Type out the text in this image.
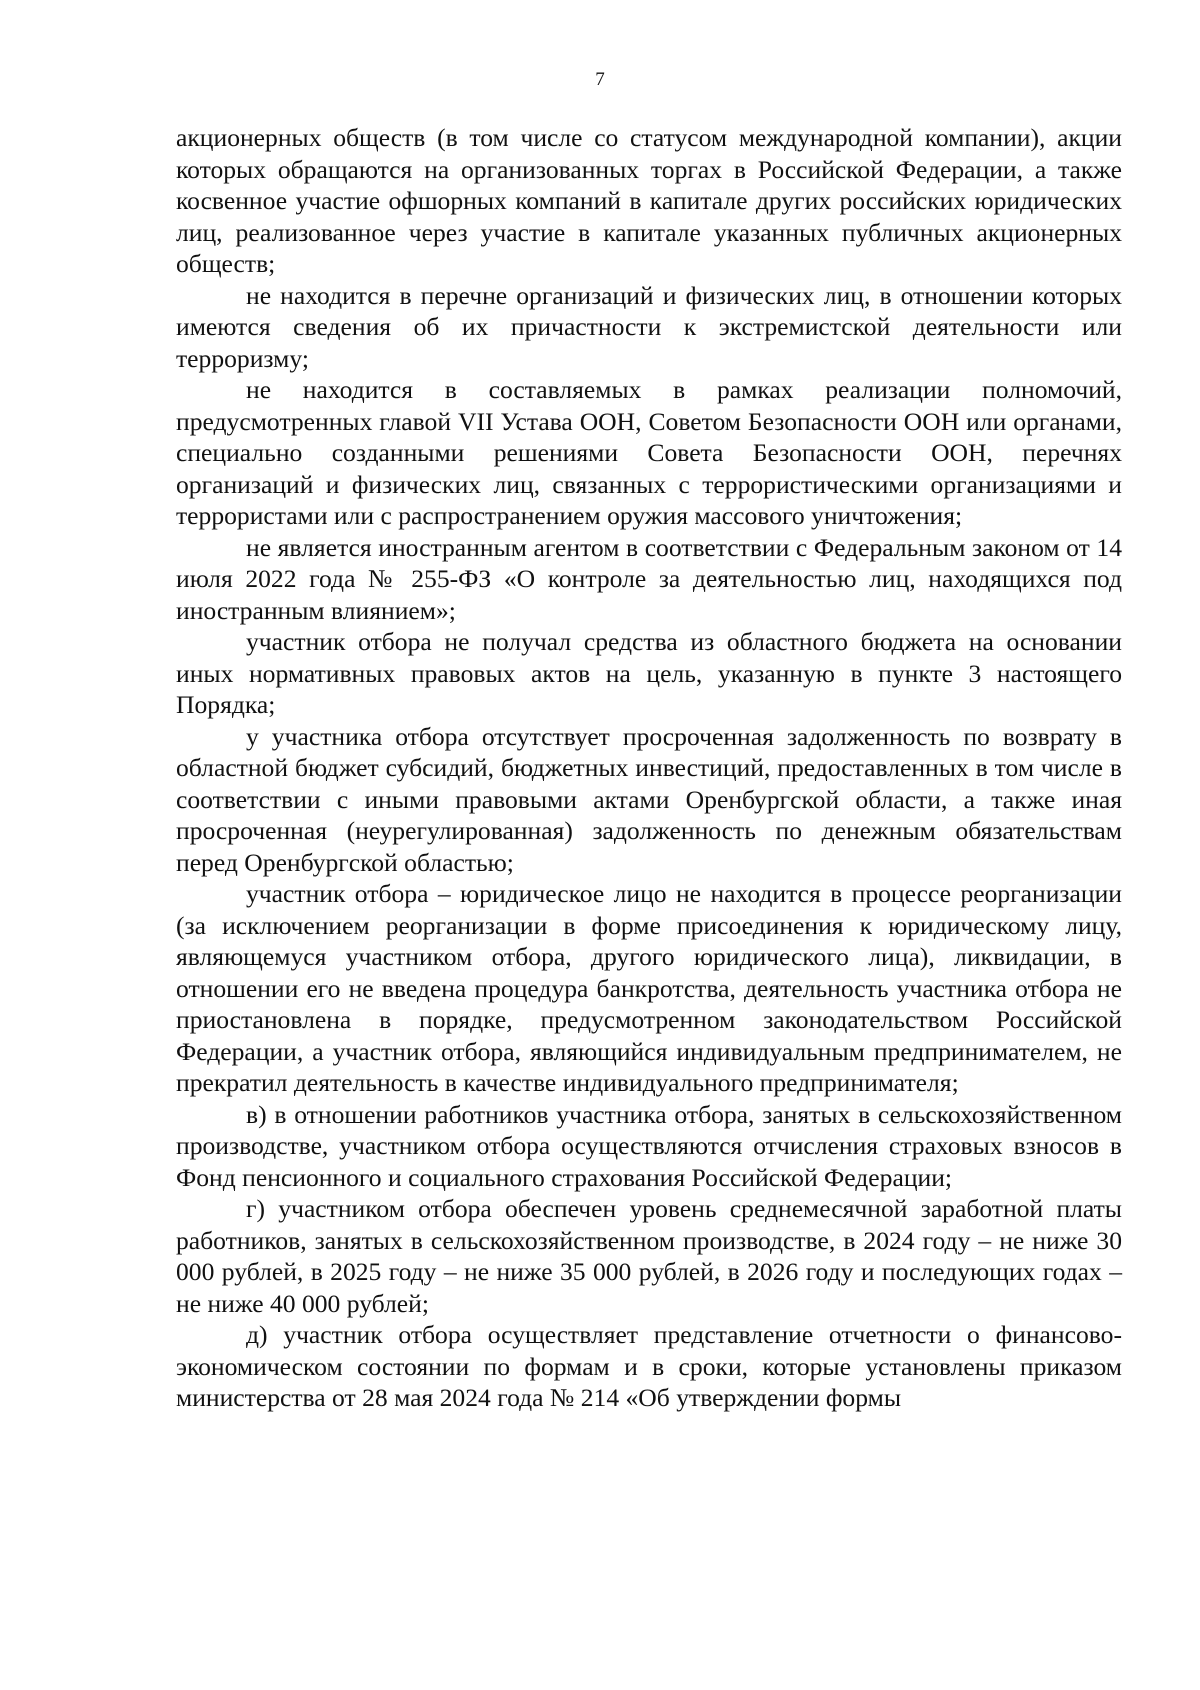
7

акционерных обществ (в том числе со статусом международной компании), акции которых обращаются на организованных торгах в Российской Федерации, а также косвенное участие офшорных компаний в капитале других российских юридических лиц, реализованное через участие в капитале указанных публичных акционерных обществ;

не находится в перечне организаций и физических лиц, в отношении которых имеются сведения об их причастности к экстремистской деятельности или терроризму;

не находится в составляемых в рамках реализации полномочий, предусмотренных главой VII Устава ООН, Советом Безопасности ООН или органами, специально созданными решениями Совета Безопасности ООН, перечнях организаций и физических лиц, связанных с террористическими организациями и террористами или с распространением оружия массового уничтожения;

не является иностранным агентом в соответствии с Федеральным законом от 14 июля 2022 года № 255-ФЗ «О контроле за деятельностью лиц, находящихся под иностранным влиянием»;

участник отбора не получал средства из областного бюджета на основании иных нормативных правовых актов на цель, указанную в пункте 3 настоящего Порядка;

у участника отбора отсутствует просроченная задолженность по возврату в областной бюджет субсидий, бюджетных инвестиций, предоставленных в том числе в соответствии с иными правовыми актами Оренбургской области, а также иная просроченная (неурегулированная) задолженность по денежным обязательствам перед Оренбургской областью;

участник отбора – юридическое лицо не находится в процессе реорганизации (за исключением реорганизации в форме присоединения к юридическому лицу, являющемуся участником отбора, другого юридического лица), ликвидации, в отношении его не введена процедура банкротства, деятельность участника отбора не приостановлена в порядке, предусмотренном законодательством Российской Федерации, а участник отбора, являющийся индивидуальным предпринимателем, не прекратил деятельность в качестве индивидуального предпринимателя;

в) в отношении работников участника отбора, занятых в сельскохозяйственном производстве, участником отбора осуществляются отчисления страховых взносов в Фонд пенсионного и социального страхования Российской Федерации;

г) участником отбора обеспечен уровень среднемесячной заработной платы работников, занятых в сельскохозяйственном производстве, в 2024 году – не ниже 30 000 рублей, в 2025 году – не ниже 35 000 рублей, в 2026 году и последующих годах – не ниже 40 000 рублей;

д) участник отбора осуществляет представление отчетности о финансово-экономическом состоянии по формам и в сроки, которые установлены приказом министерства от 28 мая 2024 года № 214 «Об утверждении формы
